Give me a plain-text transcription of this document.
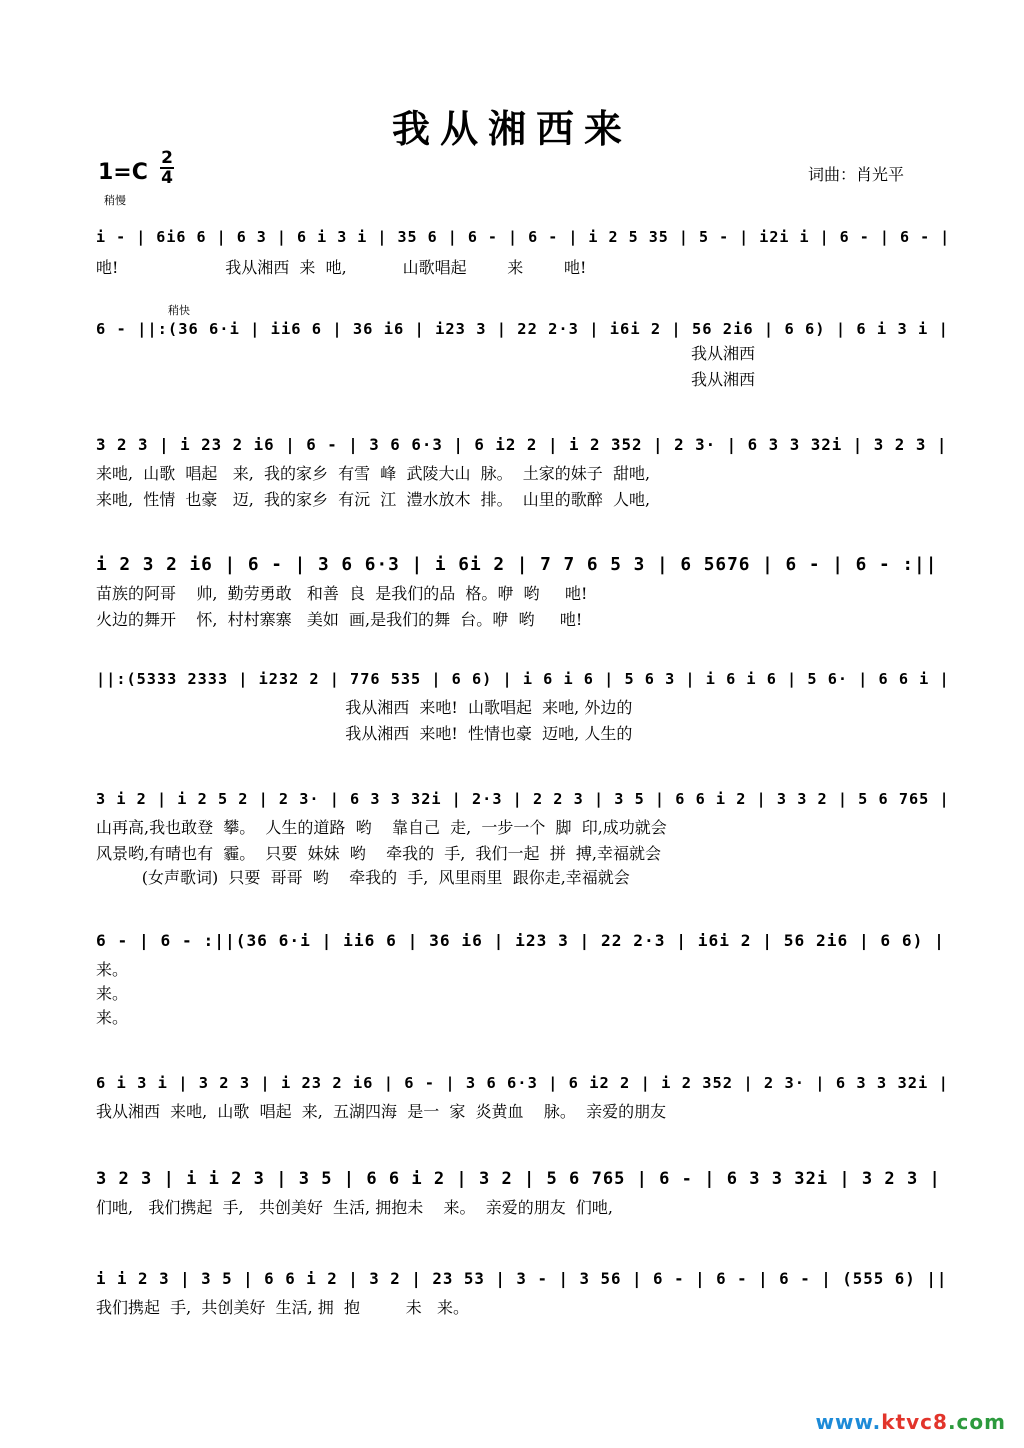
我从湘西来
1=C
2
4	词曲：肖光平
稍慢
稍快
i - | 6i6 6 | 6 3 | 6 i 3 i | 35 6 | 6 - | 6 - | i 2 5 35 | 5 - | i2i i | 6 - | 6 - |
吔!                     我从湘西  来  吔,           山歌唱起        来        吔!
6 - ||:(36 6·i | ii6 6 | 36 i6 | i23 3 | 22 2·3 | i6i 2 | 56 2i6 | 6 6) | 6 i 3 i |
我从湘西
我从湘西
3 2 3 | i 23 2 i6 | 6 - | 3 6 6·3 | 6 i2 2 | i 2 352 | 2 3· | 6 3 3 32i | 3 2 3 |
来吔,  山歌  唱起   来,  我的家乡  有雪  峰  武陵大山  脉。  土家的妹子  甜吔,
来吔,  性情  也豪   迈,  我的家乡  有沅  江  澧水放木  排。  山里的歌醉  人吔,
i 2 3 2 i6 | 6 - | 3 6 6·3 | i 6i 2 | 7 7 6 5 3 | 6 5676 | 6 - | 6 - :||
苗族的阿哥    帅,  勤劳勇敢   和善  良  是我们的品  格。咿  哟     吔!
火边的舞开    怀,  村村寨寨   美如  画,是我们的舞  台。咿  哟     吔!
||:(5333 2333 | i232 2 | 776 535 | 6 6) | i 6 i 6 | 5 6 3 | i 6 i 6 | 5 6· | 6 6 i |
我从湘西  来吔!  山歌唱起  来吔, 外边的
我从湘西  来吔!  性情也豪  迈吔, 人生的
3 i 2 | i 2 5 2 | 2 3· | 6 3 3 32i | 2·3 | 2 2 3 | 3 5 | 6 6 i 2 | 3 3 2 | 5 6 765 |
山再高,我也敢登  攀。  人生的道路  哟    靠自己  走,  一步一个  脚  印,成功就会
风景哟,有晴也有  霾。  只要  妹妹  哟    牵我的  手,  我们一起  拼  搏,幸福就会
(女声歌词)  只要  哥哥  哟    牵我的  手,  风里雨里  跟你走,幸福就会
6 - | 6 - :||(36 6·i | ii6 6 | 36 i6 | i23 3 | 22 2·3 | i6i 2 | 56 2i6 | 6 6) |
来。
来。
来。
6 i 3 i | 3 2 3 | i 23 2 i6 | 6 - | 3 6 6·3 | 6 i2 2 | i 2 352 | 2 3· | 6 3 3 32i |
我从湘西  来吔,  山歌  唱起  来,  五湖四海  是一  家  炎黄血    脉。  亲爱的朋友
3 2 3 | i i 2 3 | 3 5 | 6 6 i 2 | 3 2 | 5 6 765 | 6 - | 6 3 3 32i | 3 2 3 |
们吔,   我们携起  手,   共创美好  生活, 拥抱未    来。  亲爱的朋友  们吔,
i i 2 3 | 3 5 | 6 6 i 2 | 3 2 | 23 53 | 3 - | 3 56 | 6 - | 6 - | 6 - | (555 6) ||
我们携起  手,  共创美好  生活, 拥  抱         未   来。
www.ktvc8.com
